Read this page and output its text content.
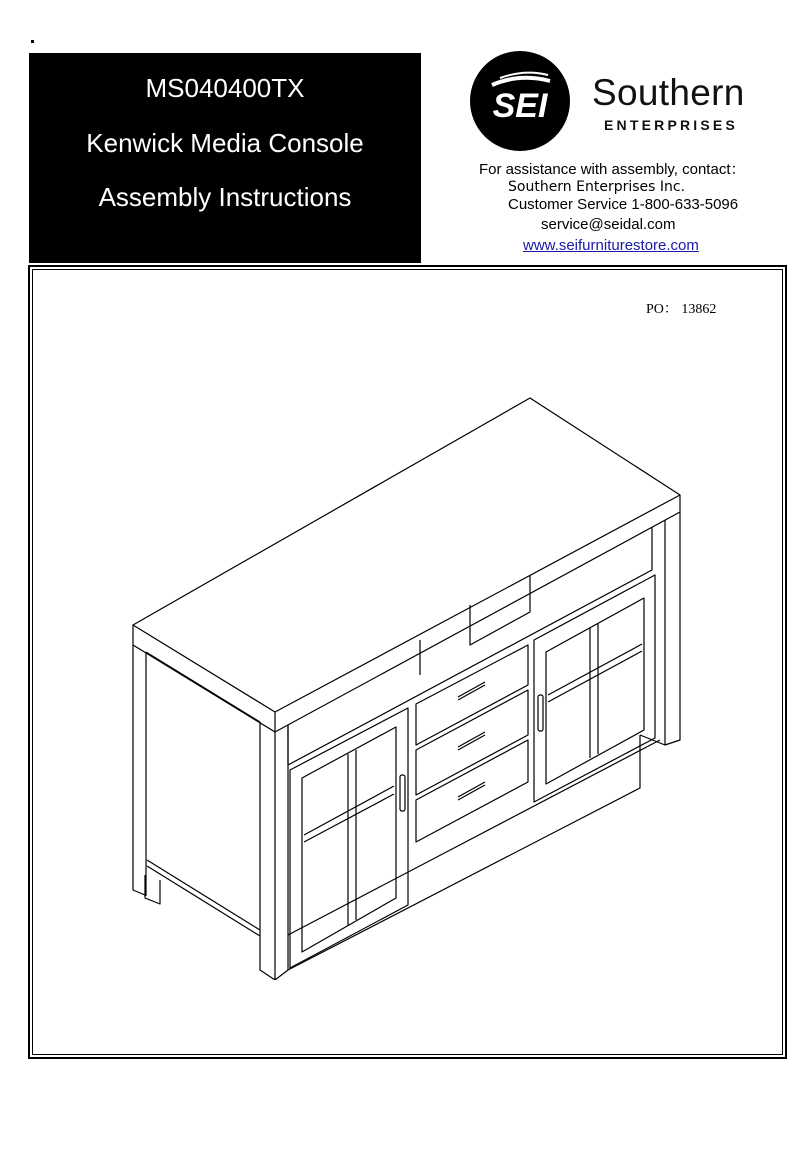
MS040400TX
Kenwick Media Console
Assembly Instructions
SEI Southern
ENTERPRISES
For assistance with assembly, contact：
Southern Enterprises Inc.
Customer Service 1-800-633-5096
service@seidal.com
www.seifurniturestore.com
PO： 13862
